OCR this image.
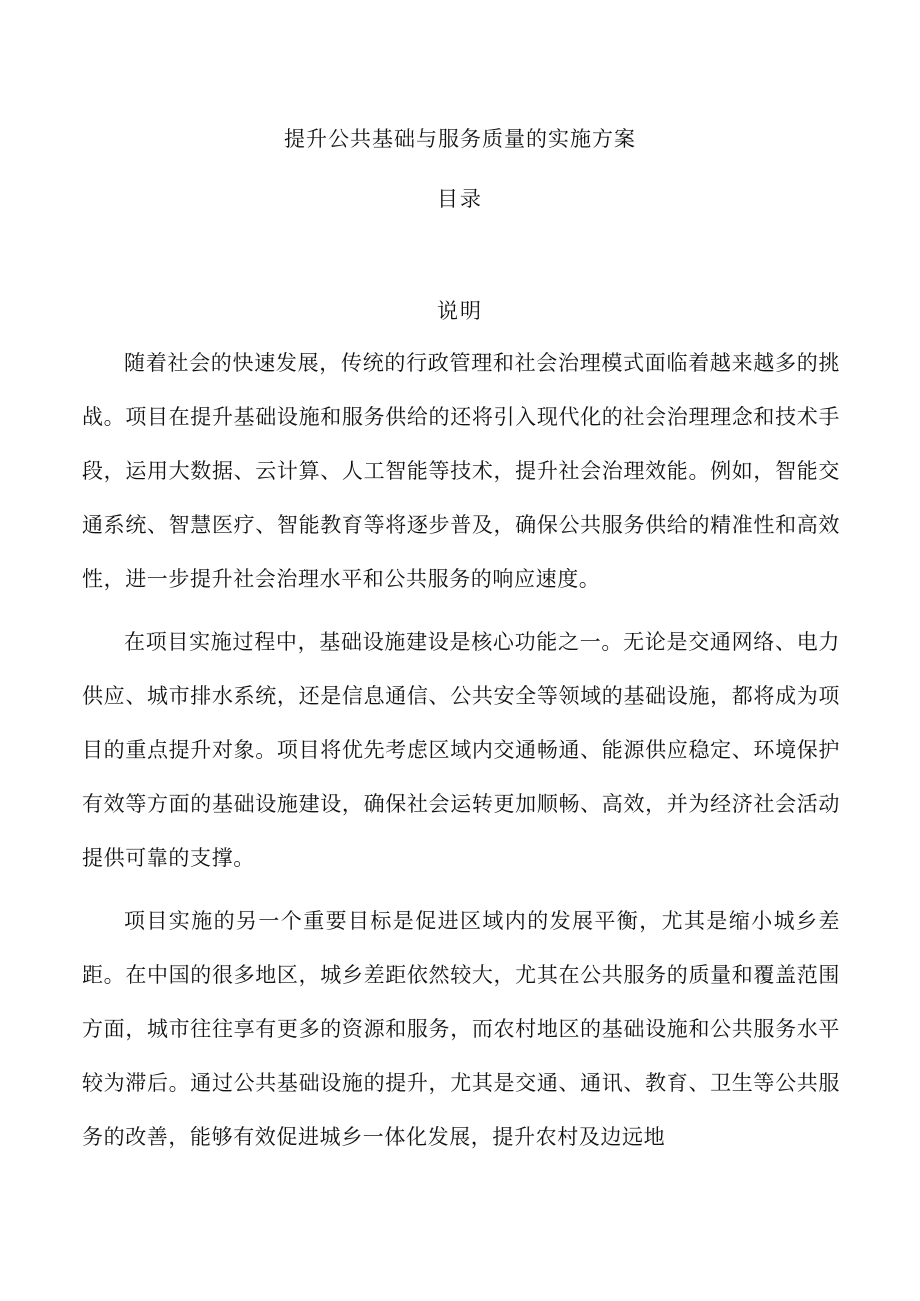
提升公共基础与服务质量的实施方案
目录
说明

随着社会的快速发展，传统的行政管理和社会治理模式面临着越来越多的挑战。项目在提升基础设施和服务供给的还将引入现代化的社会治理理念和技术手段，运用大数据、云计算、人工智能等技术，提升社会治理效能。例如，智能交通系统、智慧医疗、智能教育等将逐步普及，确保公共服务供给的精准性和高效性，进一步提升社会治理水平和公共服务的响应速度。

在项目实施过程中，基础设施建设是核心功能之一。无论是交通网络、电力供应、城市排水系统，还是信息通信、公共安全等领域的基础设施，都将成为项目的重点提升对象。项目将优先考虑区域内交通畅通、能源供应稳定、环境保护有效等方面的基础设施建设，确保社会运转更加顺畅、高效，并为经济社会活动提供可靠的支撑。

项目实施的另一个重要目标是促进区域内的发展平衡，尤其是缩小城乡差距。在中国的很多地区，城乡差距依然较大，尤其在公共服务的质量和覆盖范围方面，城市往往享有更多的资源和服务，而农村地区的基础设施和公共服务水平较为滞后。通过公共基础设施的提升，尤其是交通、通讯、教育、卫生等公共服务的改善，能够有效促进城乡一体化发展，提升农村及边远地
